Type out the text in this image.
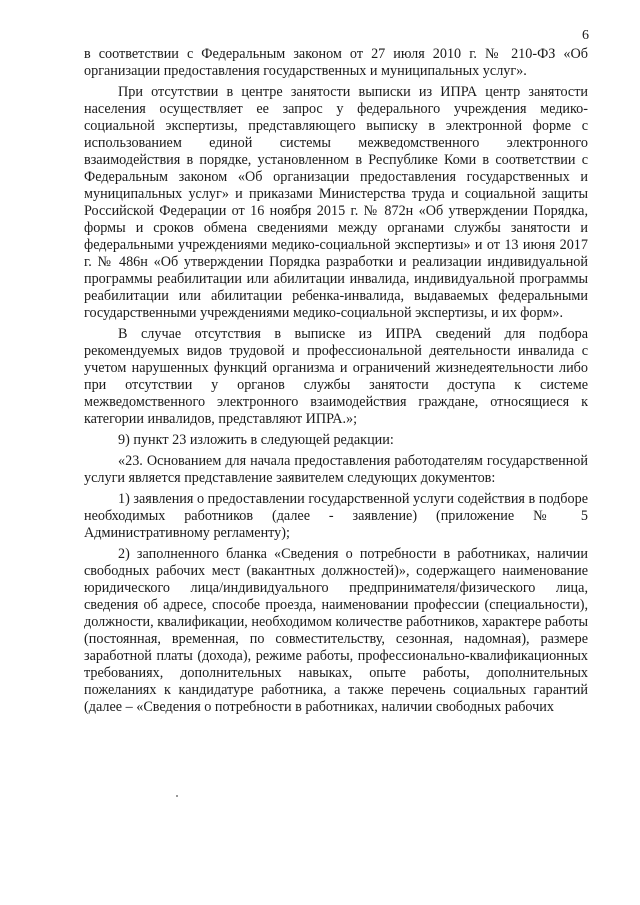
6

в соответствии с Федеральным законом от 27 июля 2010 г. № 210-ФЗ «Об организации предоставления государственных и муниципальных услуг».

При отсутствии в центре занятости выписки из ИПРА центр занятости населения осуществляет ее запрос у федерального учреждения медико-социальной экспертизы, представляющего выписку в электронной форме с использованием единой системы межведомственного электронного взаимодействия в порядке, установленном в Республике Коми в соответствии с Федеральным законом «Об организации предоставления государственных и муниципальных услуг» и приказами Министерства труда и социальной защиты Российской Федерации от 16 ноября 2015 г. № 872н «Об утверждении Порядка, формы и сроков обмена сведениями между органами службы занятости и федеральными учреждениями медико-социальной экспертизы» и от 13 июня 2017 г. № 486н «Об утверждении Порядка разработки и реализации индивидуальной программы реабилитации или абилитации инвалида, индивидуальной программы реабилитации или абилитации ребенка-инвалида, выдаваемых федеральными государственными учреждениями медико-социальной экспертизы, и их форм».

В случае отсутствия в выписке из ИПРА сведений для подбора рекомендуемых видов трудовой и профессиональной деятельности инвалида с учетом нарушенных функций организма и ограничений жизнедеятельности либо при отсутствии у органов службы занятости доступа к системе межведомственного электронного взаимодействия граждане, относящиеся к категории инвалидов, представляют ИПРА.»;

9) пункт 23 изложить в следующей редакции:

«23. Основанием для начала предоставления работодателям государственной услуги является представление заявителем следующих документов:

1) заявления о предоставлении государственной услуги содействия в подборе необходимых работников (далее - заявление) (приложение № 5 Административному регламенту);

2) заполненного бланка «Сведения о потребности в работниках, наличии свободных рабочих мест (вакантных должностей)», содержащего наименование юридического лица/индивидуального предпринимателя/физического лица, сведения об адресе, способе проезда, наименовании профессии (специальности), должности, квалификации, необходимом количестве работников, характере работы (постоянная, временная, по совместительству, сезонная, надомная), размере заработной платы (дохода), режиме работы, профессионально-квалификационных требованиях, дополнительных навыках, опыте работы, дополнительных пожеланиях к кандидатуре работника, а также перечень социальных гарантий (далее – «Сведения о потребности в работниках, наличии свободных рабочих
